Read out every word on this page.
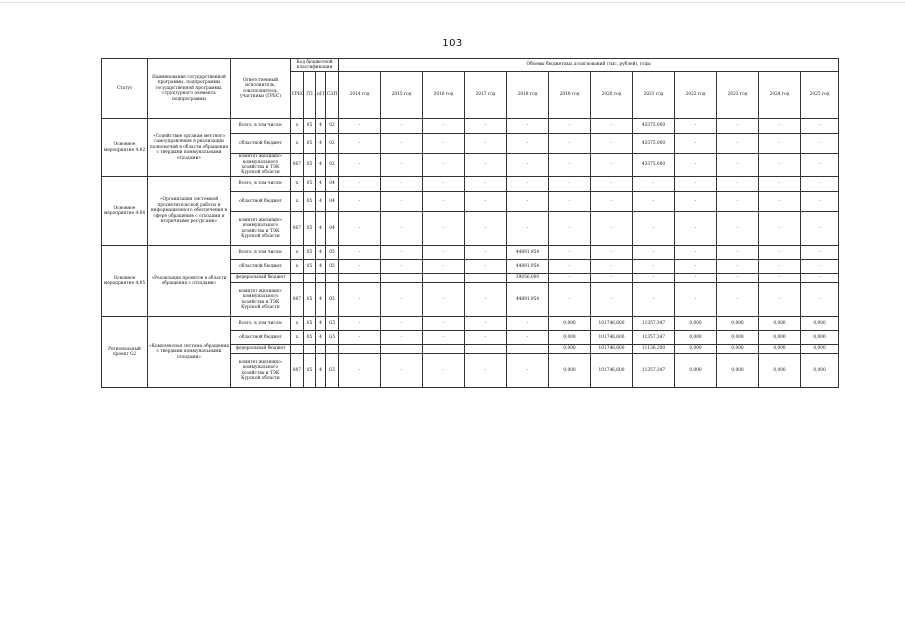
103
Статус	Наименование государственной программы, подпрограммы государственной программы, структурного элемента подпрограммы	Ответственный исполнитель, соисполнитель, участники (ГРБС)	Код бюджетной классификации				Объемы бюджетных ассигнований (тыс. рублей), годы											
			ГРБС	ГП	пГП	СЭП	2014 год	2015 год	2016 год	2017 год	2018 год	2019 год	2020 год	2021 год	2022 год	2023 год	2024 год	2025 год
Основное мероприятие 4.02	«Содействие органам местного самоуправления в реализации полномочий в области обращения с твердыми коммунальными отходами»	Всего, в том числе:	х	05	4	02	-	-	-	-	-	-	-	43375,000	-	-	-	-
		областной бюджет	х	05	4	02	-	-	-	-	-	-	-	43375,000	-	-	-	-
		комитет жилищно-коммунального хозяйства и ТЭК Курской области	807	05	4	02	-	-	-	-	-	-	-	43375,000	-	-	-	-
Основное мероприятие 4.04	«Организация системной просветительской работы и информационного обеспечения в сфере обращения с отходами и вторичными ресурсами»	Всего, в том числе:	х	05	4	04	-	-	-	-	-	-	-	-	-	-	-	-
		областной бюджет	х	05	4	04	-	-	-	-	-	-	-	-	-	-	-	-
		комитет жилищно-коммунального хозяйства и ТЭК Курской области	807	05	4	04	-	-	-	-	-	-	-	-	-	-	-	-
Основное мероприятие 4.05	«Реализация проектов в области обращения с отходами»	Всего, в том числе:	х	05	4	05	-	-	-	-	44891,954	-	-	-	-	-	-	-
		областной бюджет	х	05	4	05	-	-	-	-	44891,954	-	-	-	-	-	-	-
		федеральный бюджет									39056,000	-	-	-	-	-	-	-
		комитет жилищно-коммунального хозяйства и ТЭК Курской области	807	05	4	05	-	-	-	-	44891,954	-	-	-	-	-	-	-
Региональный проект G2	«Комплексная система обращения с твердыми коммунальными отходами»	Всего, в том числе:	х	05	4	G5	-	-	-	-	-	0,000	101746,600	11357,347	0,000	0,000	0,000	0,000
		областной бюджет	х	05	4	G5	-	-	-	-	-	0,000	101746,600	11357,347	0,000	0,000	0,000	0,000
		федеральный бюджет										0,000	101746,600	11136,200	0,000	0,000	0,000	0,000
		комитет жилищно-коммунального хозяйства и ТЭК Курской области	807	05	4	G5	-	-	-	-	-	0,000	101746,600	11357,347	0,000	0,000	0,000	0,000
